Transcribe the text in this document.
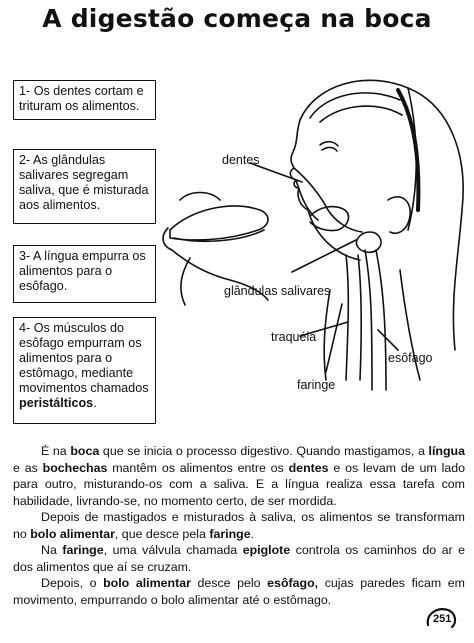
A digestão começa na boca
1- Os dentes cortam e trituram os alimentos.
2- As glândulas salivares segregam saliva, que é misturada aos alimentos.
3- A língua empurra os alimentos para o esôfago.
4- Os músculos do esôfago empurram os alimentos para o estômago, mediante movimentos chamados peristálticos.
dentes
glândulas salivares
traquéia
esôfago
faringe

É na boca que se inicia o processo digestivo. Quando mastigamos, a língua e as bochechas mantêm os alimentos entre os dentes e os levam de um lado para outro, misturando-os com a saliva. E a língua realiza essa tarefa com habilidade, livrando-se, no momento certo, de ser mordida.

Depois de mastigados e misturados à saliva, os alimentos se transformam no bolo alimentar, que desce pela faringe.

Na faringe, uma válvula chamada epiglote controla os caminhos do ar e dos alimentos que aí se cruzam.

Depois, o bolo alimentar desce pelo esôfago, cujas paredes ficam em movimento, empurrando o bolo alimentar até o estômago.

251
